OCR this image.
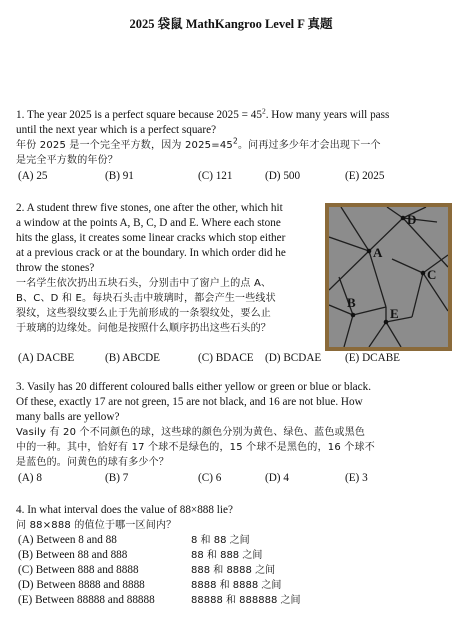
2025 袋鼠 MathKangroo Level F 真题
1. The year 2025 is a perfect square because $2025 = 45^2$. How many years will pass
until the next year which is a perfect square?
年份 2025 是一个完全平方数，因为 $2025=45^2$。问再过多少年才会出现下一个
是完全平方数的年份？
(A) 25	(B) 91	(C) 121	(D) 500	(E) 2025
2. A student threw five stones, one after the other, which hit
a window at the points A, B, C, D and E. Where each stone
hits the glass, it creates some linear cracks which stop either
at a previous crack or at the boundary. In which order did he
throw the stones?
一名学生依次扔出五块石头，分别击中了窗户上的点 A、
B、C、D 和 E。每块石头击中玻璃时，都会产生一些线状
裂纹，这些裂纹要么止于先前形成的一条裂纹处，要么止
于玻璃的边缘处。问他是按照什么顺序扔出这些石头的？
D
A
C
B
E
(A) DACBE	(B) ABCDE	(C) BDACE (D) BCDAE (E) DCABE
3. Vasily has 20 different coloured balls either yellow or green or blue or black.
Of these, exactly 17 are not green, 15 are not black, and 16 are not blue. How
many balls are yellow?
Vasily 有 20 个不同颜色的球，这些球的颜色分别为黄色、绿色、蓝色或黑色
中的一种。其中，恰好有 17 个球不是绿色的，15 个球不是黑色的，16 个球不
是蓝色的。问黄色的球有多少个？
(A) 8	(B) 7	(C) 6	(D) 4	(E) 3
4. In what interval does the value of 88×888 lie?
问 88×888 的值位于哪一区间内？
(A) Between 8 and 88	8 和 88 之间
(B) Between 88 and 888	88 和 888 之间
(C) Between 888 and 8888	888 和 8888 之间
(D) Between 8888 and 8888	8888 和 8888 之间
(E) Between 88888 and 88888	88888 和 888888 之间
